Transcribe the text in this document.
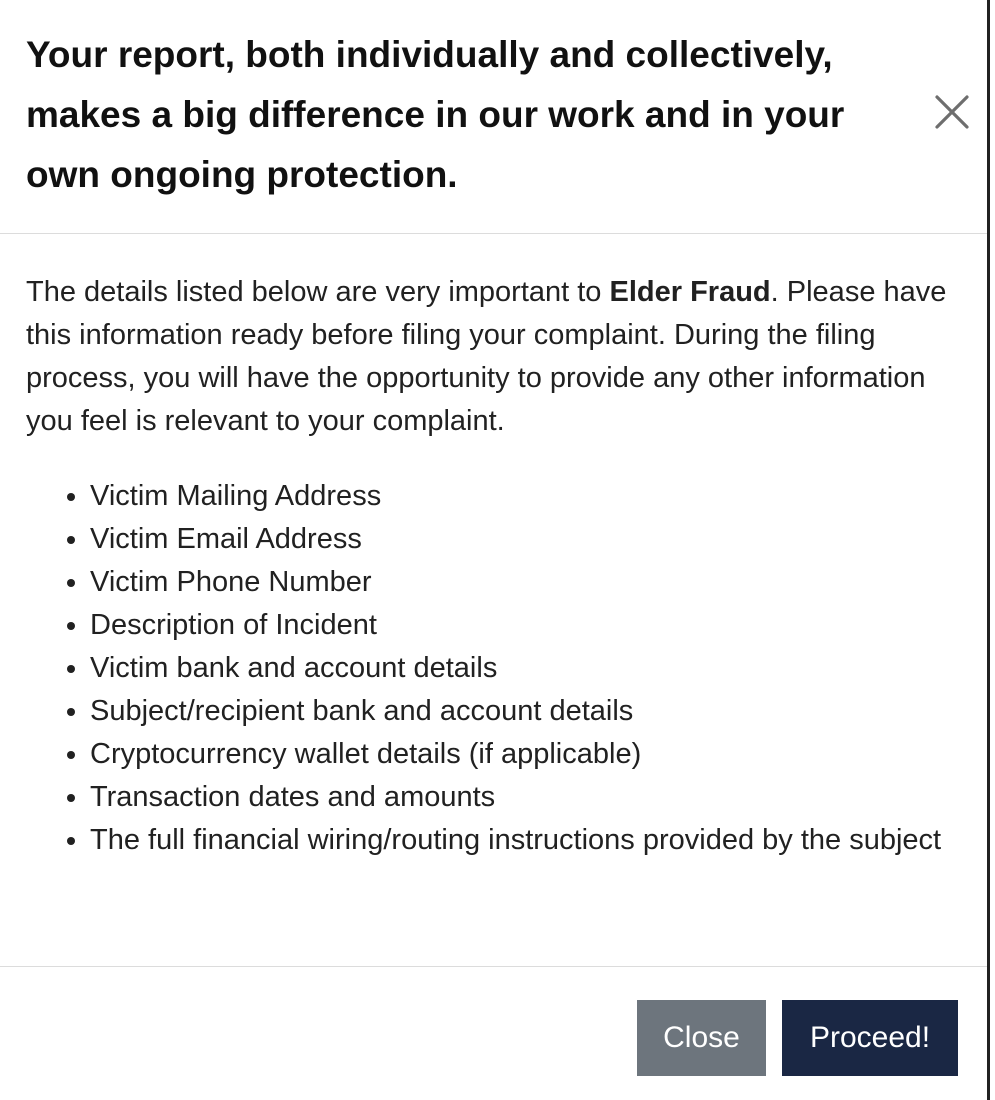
Your report, both individually and collectively, makes a big difference in our work and in your own ongoing protection.

The details listed below are very important to Elder Fraud. Please have this information ready before filing your complaint. During the filing process, you will have the opportunity to provide any other information you feel is relevant to your complaint.

• Victim Mailing Address
• Victim Email Address
• Victim Phone Number
• Description of Incident
• Victim bank and account details
• Subject/recipient bank and account details
• Cryptocurrency wallet details (if applicable)
• Transaction dates and amounts
• The full financial wiring/routing instructions provided by the subject
Close	Proceed!
